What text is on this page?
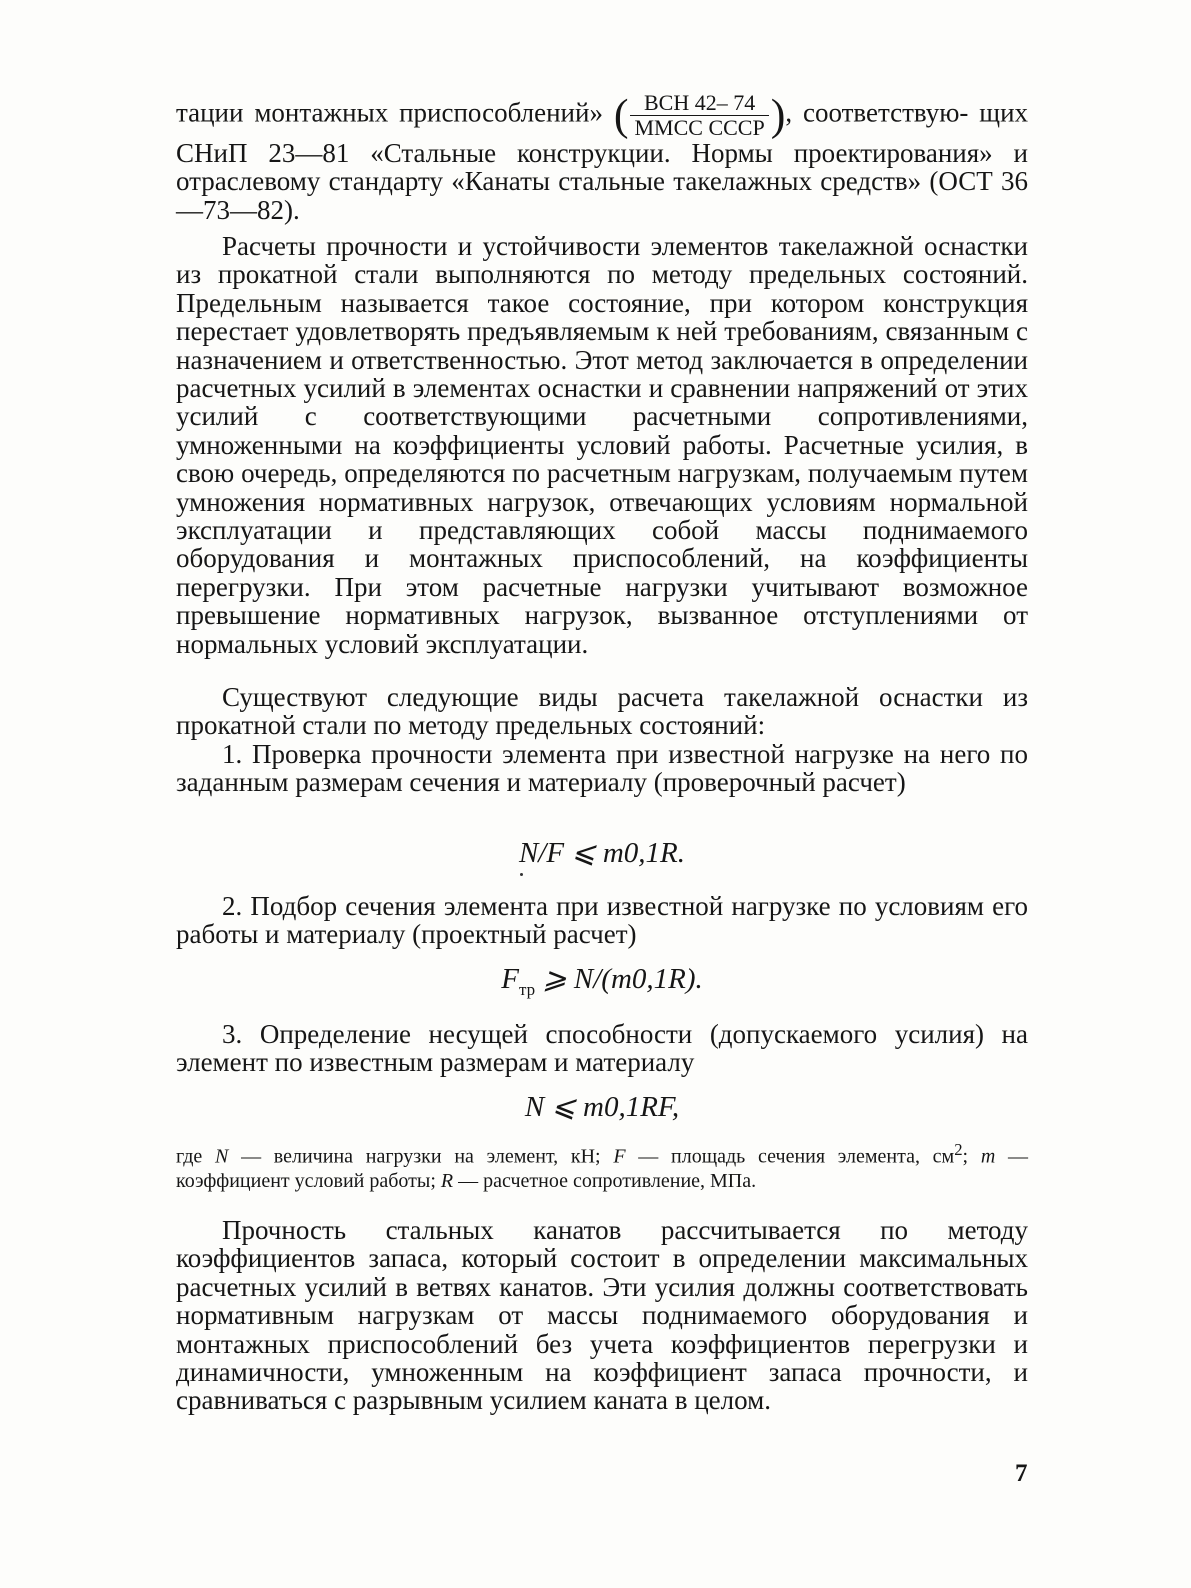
тации монтажных приспособлений» ( $\frac{\text{ВСН 42– 74}}{\text{ММСС СССР}}$ ), соответствую- щих СНиП 23—81 «Стальные конструкции. Нормы проектирования» и отраслевому стандарту «Канаты стальные такелажных средств» (ОСТ 36—73—82).

Расчеты прочности и устойчивости элементов такелажной оснастки из прокатной стали выполняются по методу предельных состояний. Предельным называется такое состояние, при котором конструкция перестает удовлетворять предъявляемым к ней требованиям, связанным с назначением и ответственностью. Этот метод заключается в определении расчетных усилий в элементах оснастки и сравнении напряжений от этих усилий с соответствующими расчетными сопротивлениями, умноженными на коэффициенты условий работы. Расчетные усилия, в свою очередь, определяются по расчетным нагрузкам, получаемым путем умножения нормативных нагрузок, отвечающих условиям нормальной эксплуатации и представляющих собой массы поднимаемого оборудования и монтажных приспособлений, на коэффициенты перегрузки. При этом расчетные нагрузки учитывают возможное превышение нормативных нагрузок, вызванное отступлениями от нормальных условий эксплуатации.

Существуют следующие виды расчета такелажной оснастки из прокатной стали по методу предельных состояний:

1. Проверка прочности элемента при известной нагрузке на него по заданным размерам сечения и материалу (проверочный расчет)

N/F ⩽ m0,1R.

2. Подбор сечения элемента при известной нагрузке по условиям его работы и материалу (проектный расчет)

$F_{тр}$ ⩾ N/(m0,1R).

3. Определение несущей способности (допускаемого усилия) на элемент по известным размерам и материалу

N ⩽ m0,1RF,

где N — величина нагрузки на элемент, кН; F — площадь сечения элемента, $см^2$; m — коэффициент условий работы; R — расчетное сопротивление, МПа.

Прочность стальных канатов рассчитывается по методу коэффициентов запаса, который состоит в определении максимальных расчетных усилий в ветвях канатов. Эти усилия должны соответствовать нормативным нагрузкам от массы поднимаемого оборудования и монтажных приспособлений без учета коэффициентов перегрузки и динамичности, умноженным на коэффициент запаса прочности, и сравниваться с разрывным усилием каната в целом.

7
